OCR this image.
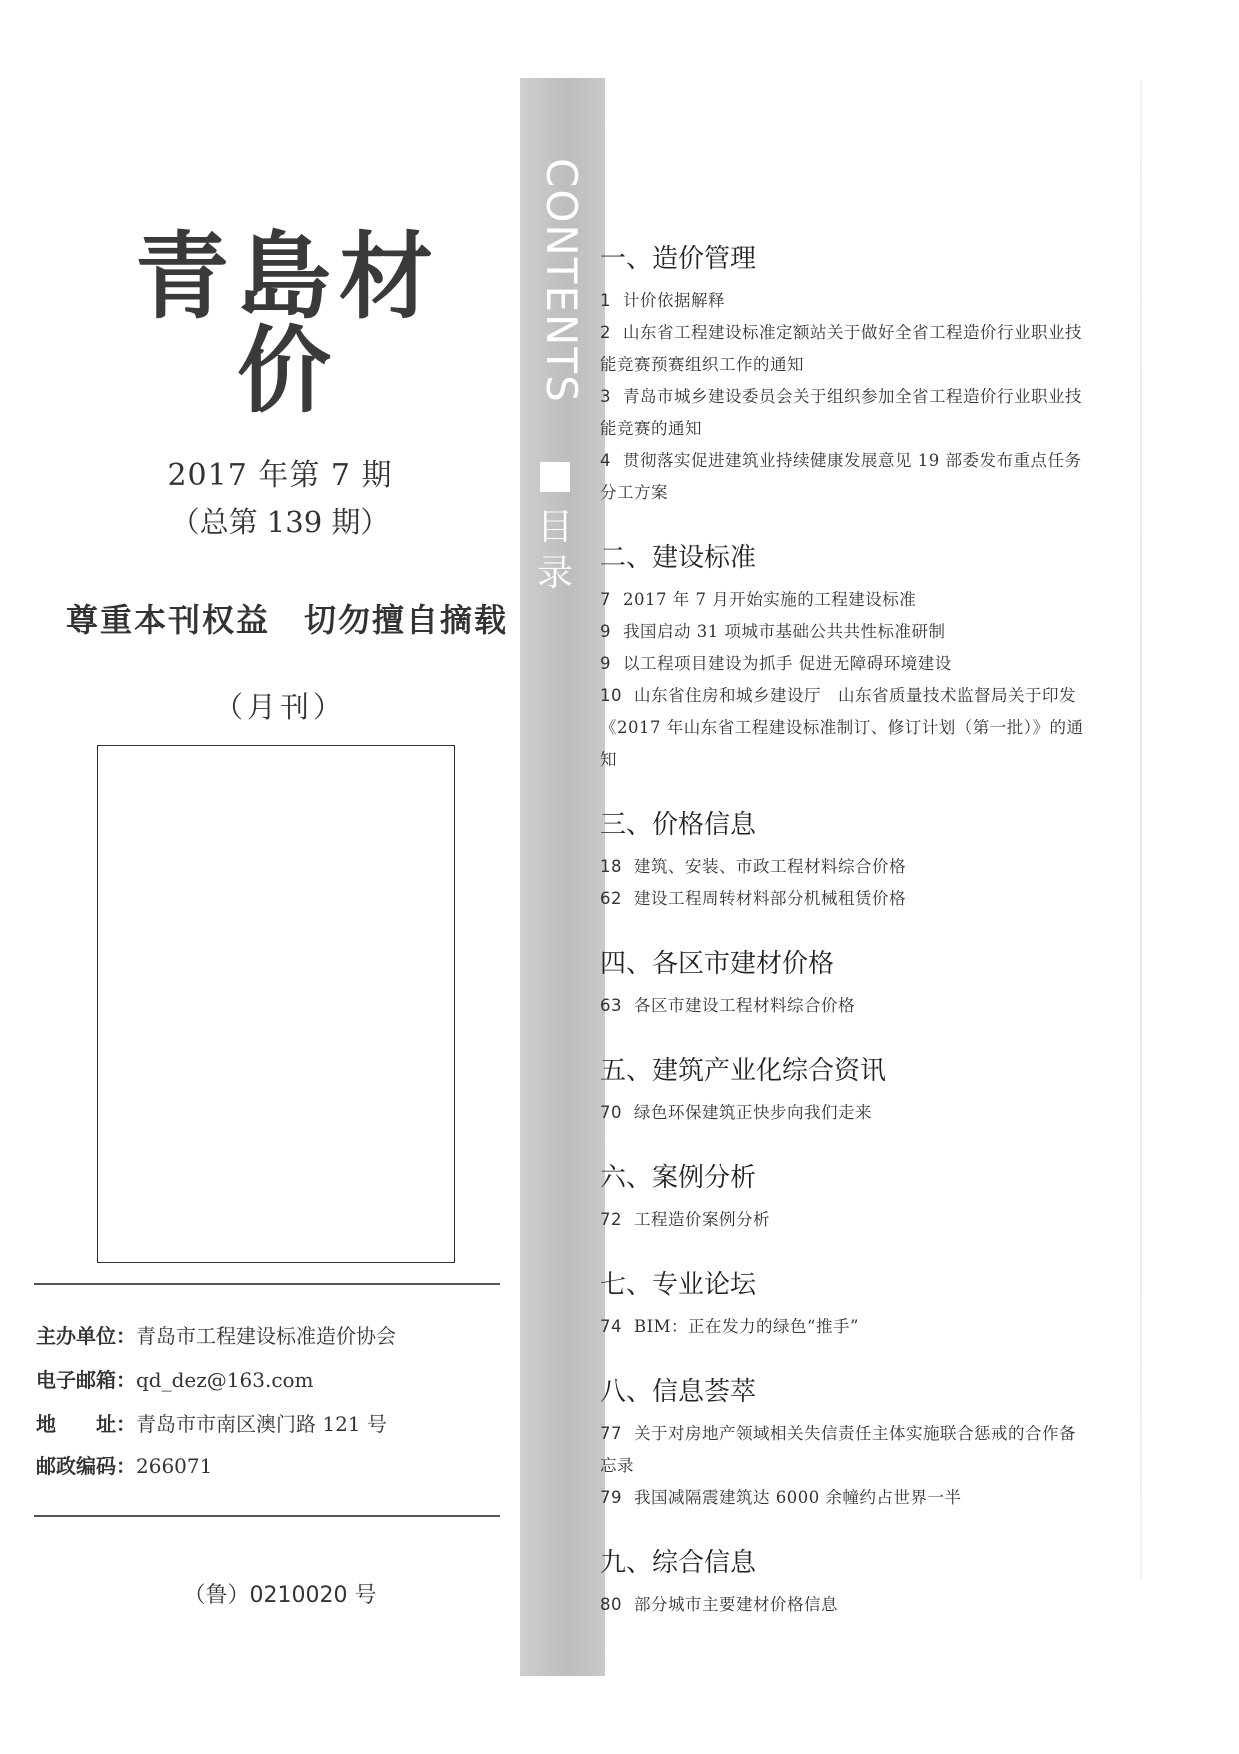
青島材价
2017 年第 7 期
（总第 139 期）
尊重本刊权益　切勿擅自摘载
（月刊）
主办单位：青岛市工程建设标准造价协会
电子邮箱：qd_dez@163.com
地　　址：青岛市市南区澳门路 121 号
邮政编码：266071
（鲁）0210020 号
CONTENTS
目录
一、造价管理
1 计价依据解释
2 山东省工程建设标准定额站关于做好全省工程造价行业职业技能竞赛预赛组织工作的通知
3 青岛市城乡建设委员会关于组织参加全省工程造价行业职业技能竞赛的通知
4 贯彻落实促进建筑业持续健康发展意见 19 部委发布重点任务分工方案
二、建设标准
7 2017 年 7 月开始实施的工程建设标准
9 我国启动 31 项城市基础公共共性标准研制
9 以工程项目建设为抓手 促进无障碍环境建设
10 山东省住房和城乡建设厅　山东省质量技术监督局关于印发《2017 年山东省工程建设标准制订、修订计划（第一批）》的通知
三、价格信息
18 建筑、安装、市政工程材料综合价格
62 建设工程周转材料部分机械租赁价格
四、各区市建材价格
63 各区市建设工程材料综合价格
五、建筑产业化综合资讯
70 绿色环保建筑正快步向我们走来
六、案例分析
72 工程造价案例分析
七、专业论坛
74 BIM：正在发力的绿色“推手”
八、信息荟萃
77 关于对房地产领域相关失信责任主体实施联合惩戒的合作备忘录
79 我国减隔震建筑达 6000 余幢约占世界一半
九、综合信息
80 部分城市主要建材价格信息
